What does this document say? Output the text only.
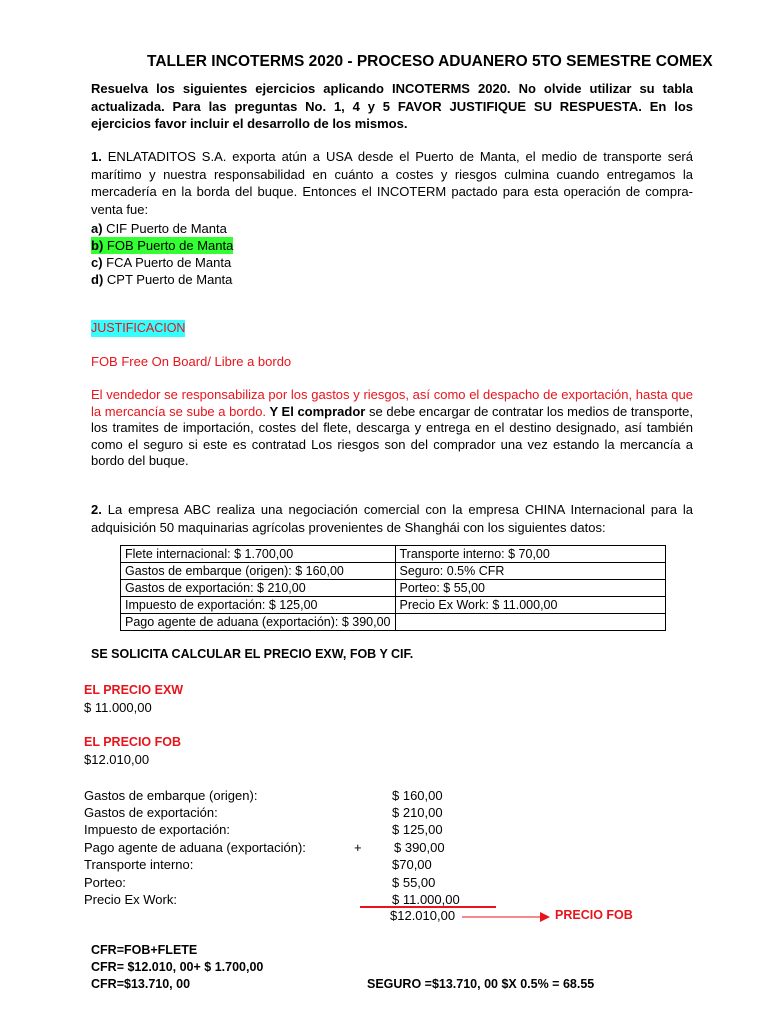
TALLER INCOTERMS 2020 - PROCESO ADUANERO 5TO SEMESTRE COMEX
Resuelva los siguientes ejercicios aplicando INCOTERMS 2020. No olvide utilizar su tabla actualizada. Para las preguntas No. 1, 4 y 5 FAVOR JUSTIFIQUE SU RESPUESTA. En los ejercicios favor incluir el desarrollo de los mismos.
1. ENLATADITOS S.A. exporta atún a USA desde el Puerto de Manta, el medio de transporte será marítimo y nuestra responsabilidad en cuánto a costes y riesgos culmina cuando entregamos la mercadería en la borda del buque. Entonces el INCOTERM pactado para esta operación de compra-venta fue:
a) CIF Puerto de Manta
b) FOB Puerto de Manta
c) FCA Puerto de Manta
d) CPT Puerto de Manta
JUSTIFICACION
FOB Free On Board/ Libre a bordo
El vendedor se responsabiliza por los gastos y riesgos, así como el despacho de exportación, hasta que la mercancía se sube a bordo. Y El comprador se debe encargar de contratar los medios de transporte, los tramites de importación, costes del flete, descarga y entrega en el destino designado, así también como el seguro si este es contratad Los riesgos son del comprador una vez estando la mercancía a bordo del buque.
2. La empresa ABC realiza una negociación comercial con la empresa CHINA Internacional para la adquisición 50 maquinarias agrícolas provenientes de Shanghái con los siguientes datos:
Flete internacional: $ 1.700,00	Transporte interno: $ 70,00
Gastos de embarque (origen): $ 160,00	Seguro: 0.5% CFR
Gastos de exportación: $ 210,00	Porteo: $ 55,00
Impuesto de exportación: $ 125,00	Precio Ex Work: $ 11.000,00
Pago agente de aduana (exportación): $ 390,00	
SE SOLICITA CALCULAR EL PRECIO EXW, FOB Y CIF.
EL PRECIO EXW
$ 11.000,00
EL PRECIO FOB
$12.010,00
Gastos de embarque (origen):	$ 160,00
Gastos de exportación:	$ 210,00
Impuesto de exportación:	$ 125,00
Pago agente de aduana (exportación):	+ $ 390,00
Transporte interno:	$70,00
Porteo:	$ 55,00
Precio Ex Work:	$ 11.000,00
$12.010,00	PRECIO FOB
CFR=FOB+FLETE
CFR= $12.010, 00+ $ 1.700,00
CFR=$13.710, 00	SEGURO =$13.710, 00 $X 0.5% = 68.55
